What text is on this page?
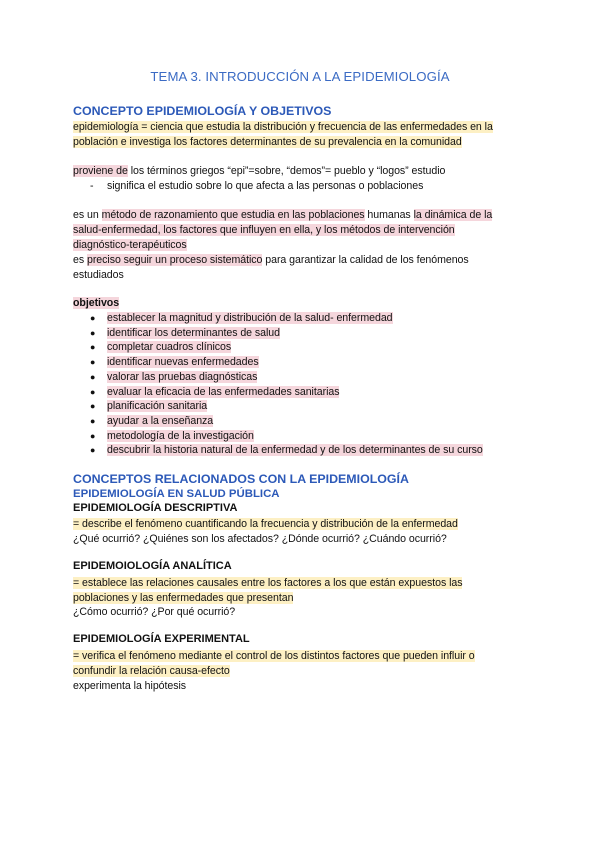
TEMA 3. INTRODUCCIÓN A LA EPIDEMIOLOGÍA
CONCEPTO EPIDEMIOLOGÍA Y OBJETIVOS
epidemiología = ciencia que estudia la distribución y frecuencia de las enfermedades en la
población e investiga los factores determinantes de su prevalencia en la comunidad
proviene de los términos griegos “epi”=sobre, “demos”= pueblo y “logos” estudio
- significa el estudio sobre lo que afecta a las personas o poblaciones
es un método de razonamiento que estudia en las poblaciones humanas la dinámica de la
salud-enfermedad, los factores que influyen en ella, y los métodos de intervención
diagnóstico-terapéuticos
es preciso seguir un proceso sistemático para garantizar la calidad de los fenómenos
estudiados
objetivos
● establecer la magnitud y distribución de la salud- enfermedad
● identificar los determinantes de salud
● completar cuadros clínicos
● identificar nuevas enfermedades
● valorar las pruebas diagnósticas
● evaluar la eficacia de las enfermedades sanitarias
● planificación sanitaria
● ayudar a la enseñanza
● metodología de la investigación
● descubrir la historia natural de la enfermedad y de los determinantes de su curso
CONCEPTOS RELACIONADOS CON LA EPIDEMIOLOGÍA
EPIDEMIOLOGÍA EN SALUD PÚBLICA
EPIDEMIOLOGÍA DESCRIPTIVA
= describe el fenómeno cuantificando la frecuencia y distribución de la enfermedad
¿Qué ocurrió? ¿Quiénes son los afectados? ¿Dónde ocurrió? ¿Cuándo ocurrió?
EPIDEMOIOLOGÍA ANALÍTICA
= establece las relaciones causales entre los factores a los que están expuestos las
poblaciones y las enfermedades que presentan
¿Cómo ocurrió? ¿Por qué ocurrió?
EPIDEMIOLOGÍA EXPERIMENTAL
= verifica el fenómeno mediante el control de los distintos factores que pueden influir o
confundir la relación causa-efecto
experimenta la hipótesis
